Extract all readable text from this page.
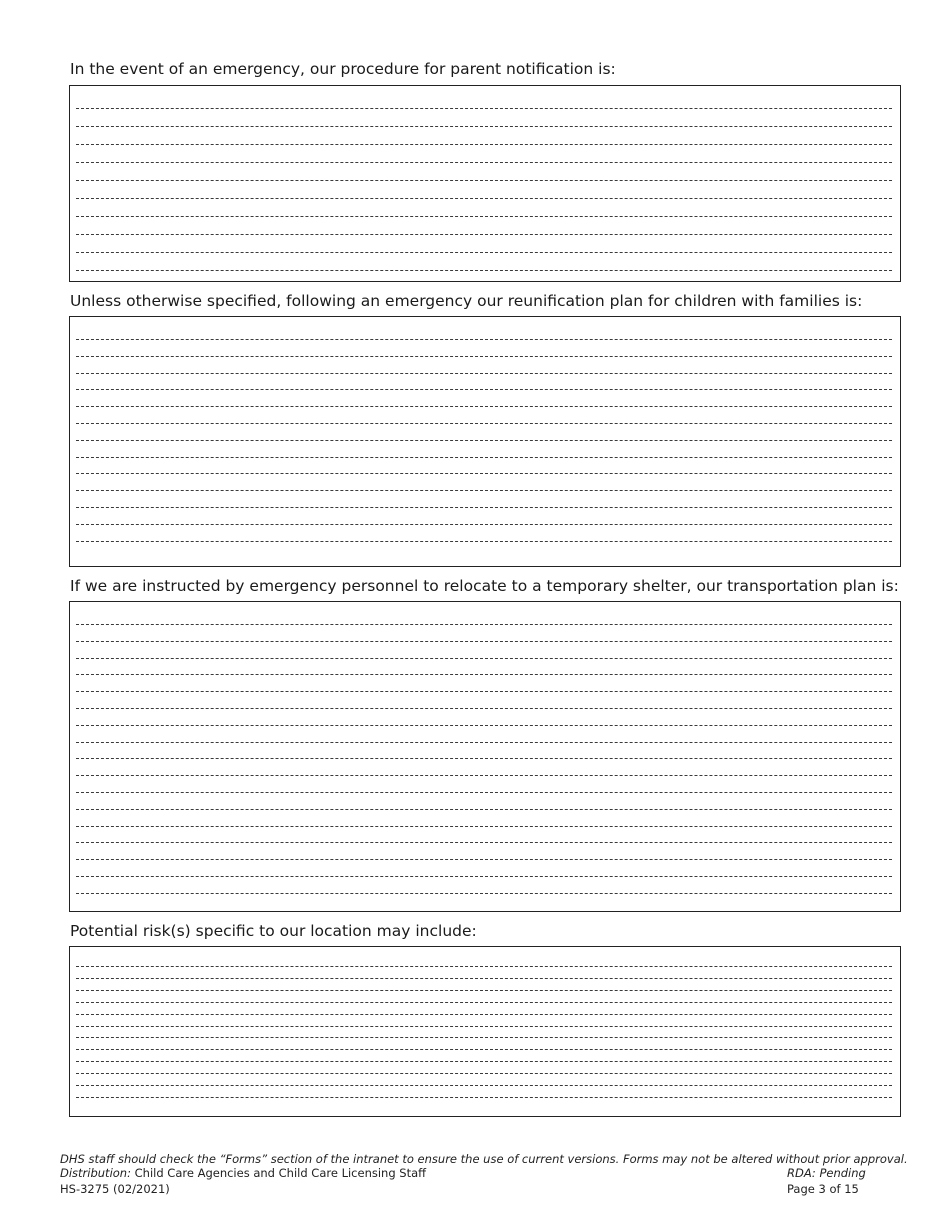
In the event of an emergency, our procedure for parent notification is:
Unless otherwise specified, following an emergency our reunification plan for children with families is:
If we are instructed by emergency personnel to relocate to a temporary shelter, our transportation plan is:
Potential risk(s) specific to our location may include:
DHS staff should check the “Forms” section of the intranet to ensure the use of current versions. Forms may not be altered without prior approval.
Distribution: Child Care Agencies and Child Care Licensing Staff
HS-3275 (02/2021)
RDA: Pending
Page 3 of 15
